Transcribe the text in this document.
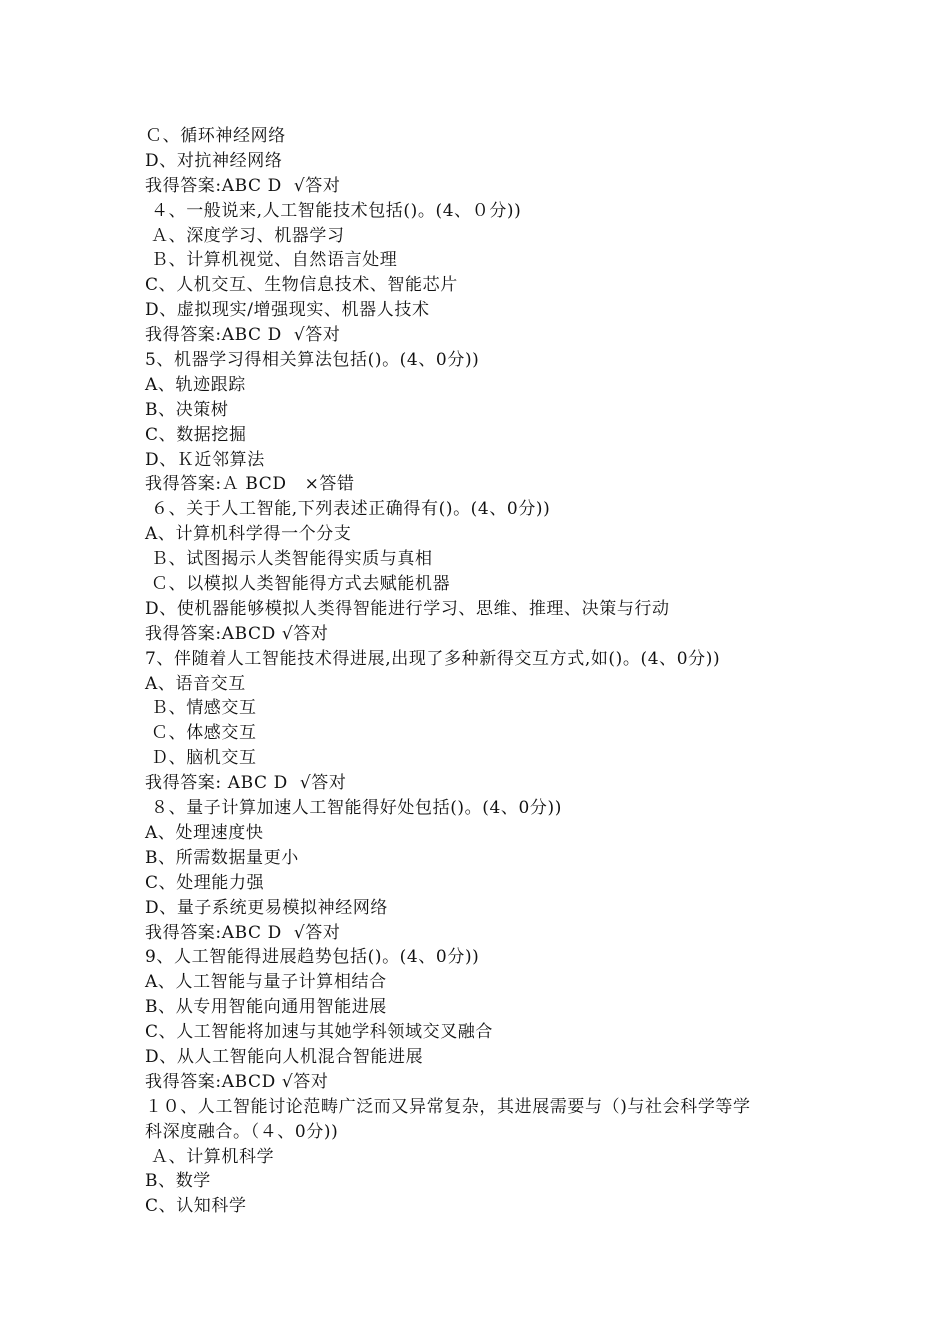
Ｃ、循环神经网络
D、对抗神经网络
我得答案:ABC D  √答对
４、一般说来,人工智能技术包括()。(4、０分))
Ａ、深度学习、机器学习
Ｂ、计算机视觉、自然语言处理
C、人机交互、生物信息技术、智能芯片
D、虚拟现实/增强现实、机器人技术
我得答案:ABC D  √答对
5、机器学习得相关算法包括()。(4、0分))
A、轨迹跟踪
B、决策树
C、数据挖掘
D、Ｋ近邻算法
我得答案:Ａ BCD   ×答错
６、关于人工智能,下列表述正确得有()。(4、0分))
A、计算机科学得一个分支
Ｂ、试图揭示人类智能得实质与真相
Ｃ、以模拟人类智能得方式去赋能机器
D、使机器能够模拟人类得智能进行学习、思维、推理、决策与行动
我得答案:ABCD √答对
7、伴随着人工智能技术得进展,出现了多种新得交互方式,如()。(4、0分))
A、语音交互
Ｂ、情感交互
Ｃ、体感交互
Ｄ、脑机交互
我得答案: ABC D  √答对
８、量子计算加速人工智能得好处包括()。(4、0分))
A、处理速度快
B、所需数据量更小
C、处理能力强
D、量子系统更易模拟神经网络
我得答案:ABC D  √答对
9、人工智能得进展趋势包括()。(4、0分))
A、人工智能与量子计算相结合
B、从专用智能向通用智能进展
C、人工智能将加速与其她学科领域交叉融合
D、从人工智能向人机混合智能进展
我得答案:ABCD √答对
１０、人工智能讨论范畴广泛而又异常复杂，其进展需要与（)与社会科学等学
科深度融合。（４、0分))
Ａ、计算机科学
B、数学
C、认知科学
